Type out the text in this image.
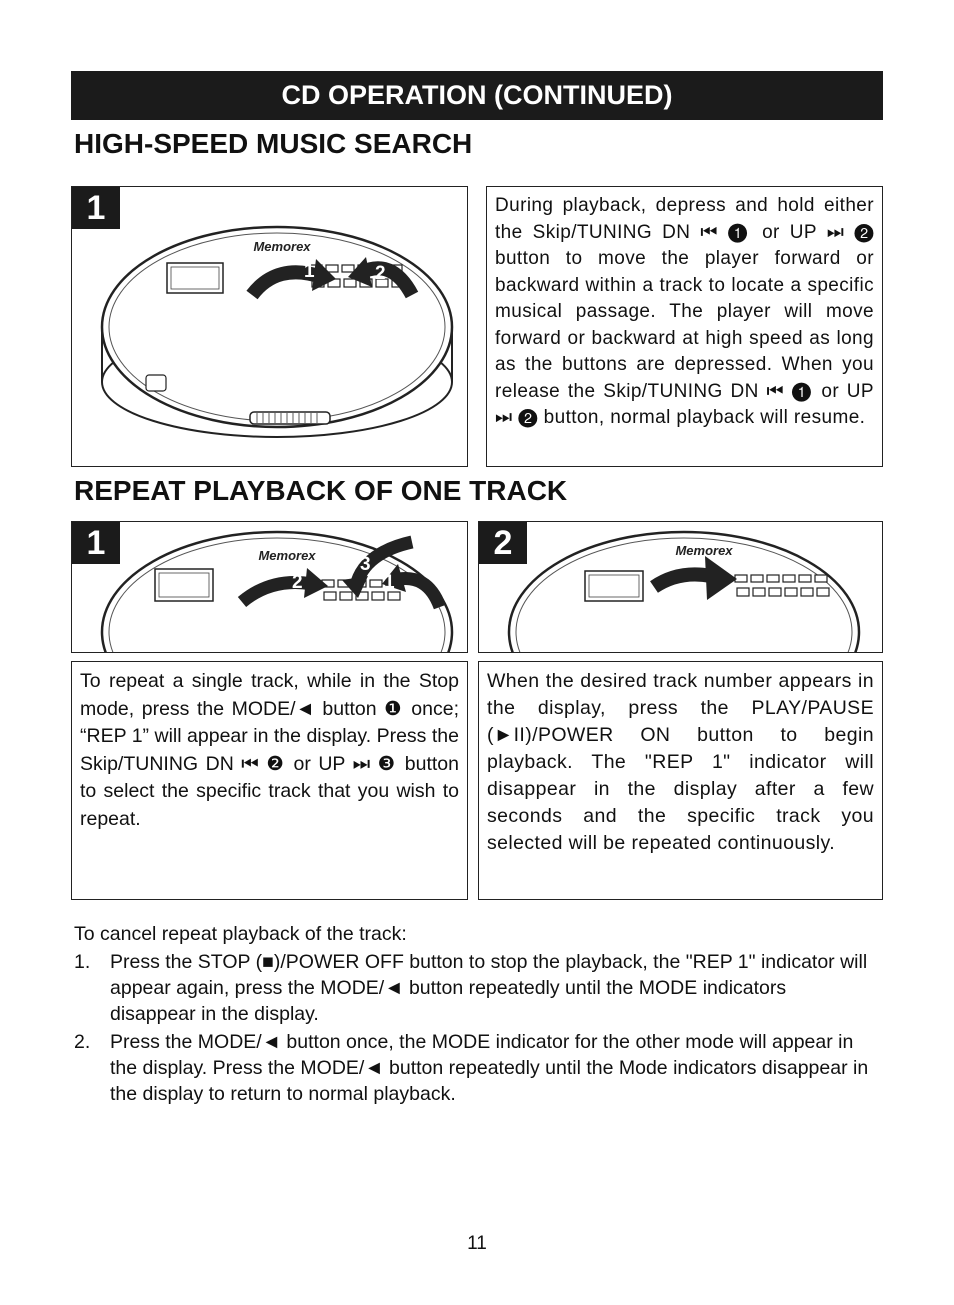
CD OPERATION (CONTINUED)
HIGH-SPEED MUSIC SEARCH
Memorex
1	2
1	During playback, depress and hold either the Skip/TUNING DN ⏮ ❶ or UP ⏭ ❷ button to move the player forward or backward within a track to locate a specific musical passage. The player will move forward or backward at high speed as long as the buttons are depressed. When you release the Skip/TUNING DN ⏮ ❶ or UP ⏭ ❷ button, normal playback will resume.
REPEAT PLAYBACK OF ONE TRACK
Memorex
2
3
1
1	Memorex
2
To repeat a single track, while in the Stop mode, press the MODE/◄ button ❶ once; “REP 1” will appear in the display. Press the Skip/TUNING DN ⏮ ❷ or UP ⏭ ❸ button to select the specific track that you wish to repeat.
When the desired track number appears in the display, press the PLAY/PAUSE (►II)/POWER ON button to begin playback. The "REP 1" indicator will disappear in the display after a few seconds and the specific track you selected will be repeated continuously.
To cancel repeat playback of the track:
1. Press the STOP (■)/POWER OFF button to stop the playback, the "REP 1" indicator will appear again, press the MODE/◄ button repeatedly until the MODE indicators disappear in the display.
2. Press the MODE/◄ button once, the MODE indicator for the other mode will appear in the display. Press the MODE/◄ button repeatedly until the Mode indicators disappear in the display to return to normal playback.
11
